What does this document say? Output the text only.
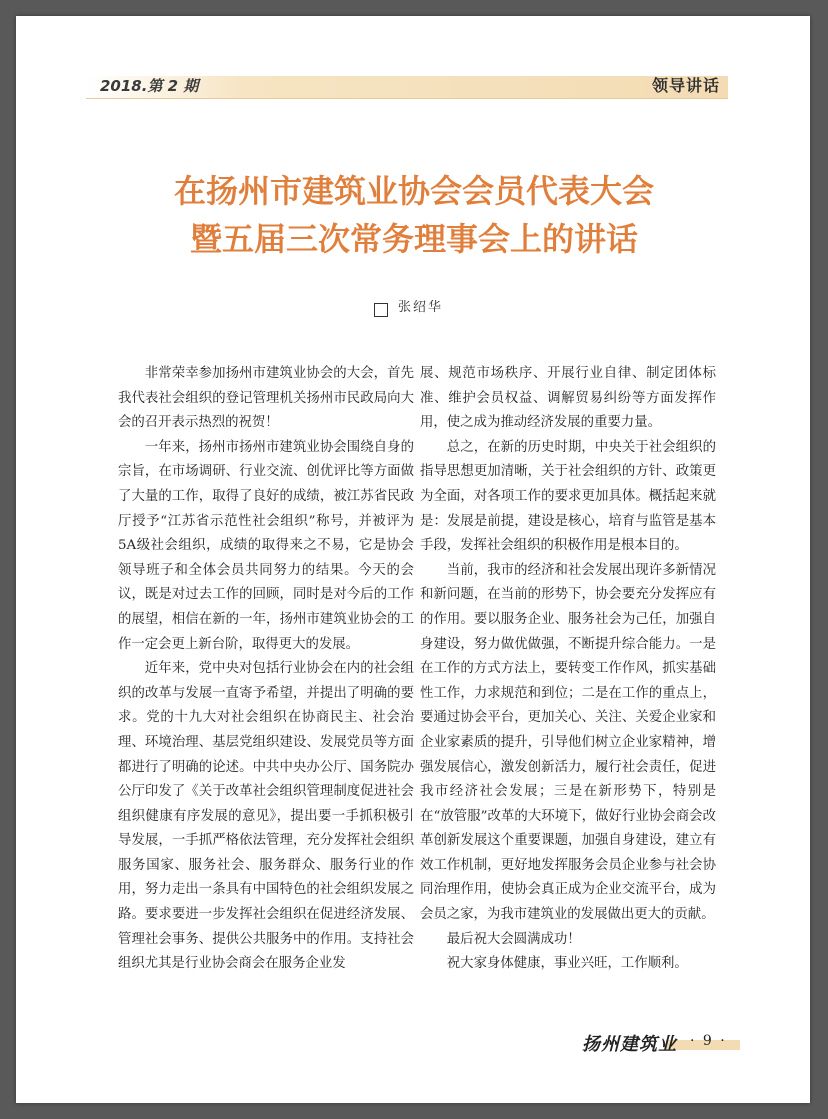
2018.第 2 期	领导讲话
在扬州市建筑业协会会员代表大会
暨五届三次常务理事会上的讲话
张绍华

非常荣幸参加扬州市建筑业协会的大会，首先我代表社会组织的登记管理机关扬州市民政局向大会的召开表示热烈的祝贺！

一年来，扬州市扬州市建筑业协会围绕自身的宗旨，在市场调研、行业交流、创优评比等方面做了大量的工作，取得了良好的成绩，被江苏省民政厅授予“江苏省示范性社会组织”称号，并被评为5A级社会组织，成绩的取得来之不易，它是协会领导班子和全体会员共同努力的结果。今天的会议，既是对过去工作的回顾，同时是对今后的工作的展望，相信在新的一年，扬州市建筑业协会的工作一定会更上新台阶，取得更大的发展。

近年来，党中央对包括行业协会在内的社会组织的改革与发展一直寄予希望，并提出了明确的要求。党的十九大对社会组织在协商民主、社会治理、环境治理、基层党组织建设、发展党员等方面都进行了明确的论述。中共中央办公厅、国务院办公厅印发了《关于改革社会组织管理制度促进社会组织健康有序发展的意见》，提出要一手抓积极引导发展，一手抓严格依法管理，充分发挥社会组织服务国家、服务社会、服务群众、服务行业的作用，努力走出一条具有中国特色的社会组织发展之路。要求要进一步发挥社会组织在促进经济发展、管理社会事务、提供公共服务中的作用。支持社会组织尤其是行业协会商会在服务企业发

展、规范市场秩序、开展行业自律、制定团体标准、维护会员权益、调解贸易纠纷等方面发挥作用，使之成为推动经济发展的重要力量。

总之，在新的历史时期，中央关于社会组织的指导思想更加清晰，关于社会组织的方针、政策更为全面，对各项工作的要求更加具体。概括起来就是：发展是前提，建设是核心，培育与监管是基本手段，发挥社会组织的积极作用是根本目的。

当前，我市的经济和社会发展出现许多新情况和新问题，在当前的形势下，协会要充分发挥应有的作用。要以服务企业、服务社会为己任，加强自身建设，努力做优做强，不断提升综合能力。一是在工作的方式方法上，要转变工作作风，抓实基础性工作，力求规范和到位；二是在工作的重点上，要通过协会平台，更加关心、关注、关爱企业家和企业家素质的提升，引导他们树立企业家精神，增强发展信心，激发创新活力，履行社会责任，促进我市经济社会发展；三是在新形势下，特别是在“放管服”改革的大环境下，做好行业协会商会改革创新发展这个重要课题，加强自身建设，建立有效工作机制，更好地发挥服务会员企业参与社会协同治理作用，使协会真正成为企业交流平台，成为会员之家，为我市建筑业的发展做出更大的贡献。

最后祝大会圆满成功！

祝大家身体健康，事业兴旺，工作顺利。

扬州建筑业 · 9 ·
